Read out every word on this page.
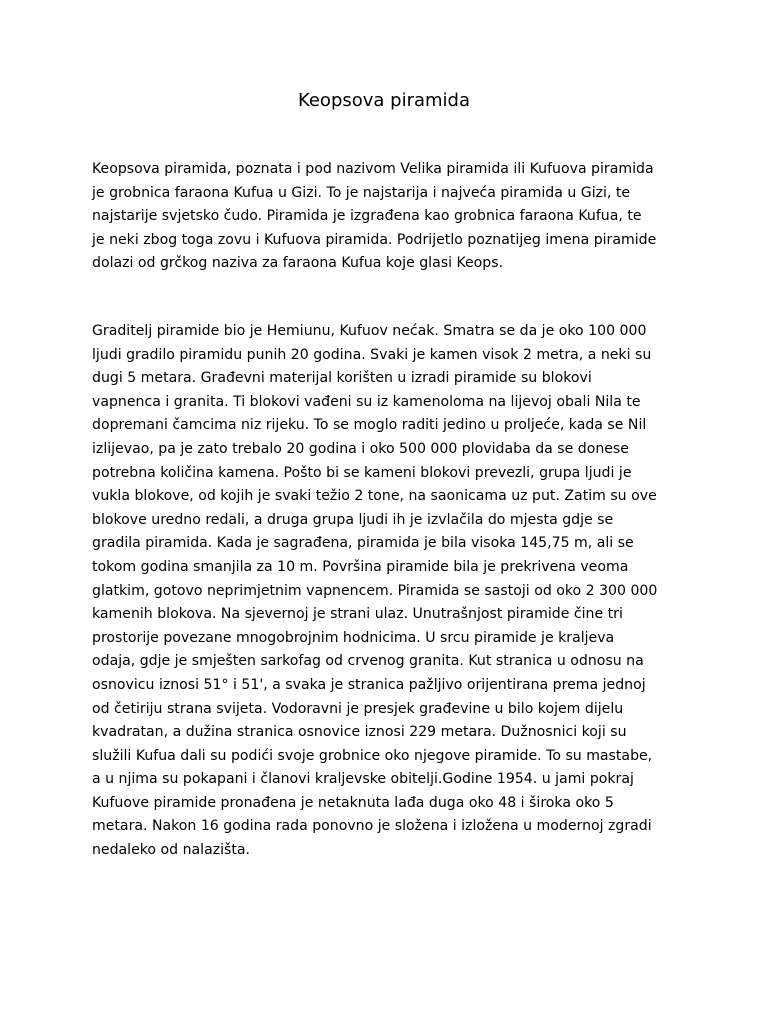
Keopsova piramida

Keopsova piramida, poznata i pod nazivom Velika piramida ili Kufuova piramida
je grobnica faraona Kufua u Gizi. To je najstarija i najveća piramida u Gizi, te
najstarije svjetsko čudo. Piramida je izgrađena kao grobnica faraona Kufua, te
je neki zbog toga zovu i Kufuova piramida. Podrijetlo poznatijeg imena piramide
dolazi od grčkog naziva za faraona Kufua koje glasi Keops.

Graditelj piramide bio je Hemiunu, Kufuov nećak. Smatra se da je oko 100 000
ljudi gradilo piramidu punih 20 godina. Svaki je kamen visok 2 metra, a neki su
dugi 5 metara. Građevni materijal korišten u izradi piramide su blokovi
vapnenca i granita. Ti blokovi vađeni su iz kamenoloma na lijevoj obali Nila te
dopremani čamcima niz rijeku. To se moglo raditi jedino u proljeće, kada se Nil
izlijevao, pa je zato trebalo 20 godina i oko 500 000 plovidaba da se donese
potrebna količina kamena. Pošto bi se kameni blokovi prevezli, grupa ljudi je
vukla blokove, od kojih je svaki težio 2 tone, na saonicama uz put. Zatim su ove
blokove uredno redali, a druga grupa ljudi ih je izvlačila do mjesta gdje se
gradila piramida. Kada je sagrađena, piramida je bila visoka 145,75 m, ali se
tokom godina smanjila za 10 m. Površina piramide bila je prekrivena veoma
glatkim, gotovo neprimjetnim vapnencem. Piramida se sastoji od oko 2 300 000
kamenih blokova. Na sjevernoj je strani ulaz. Unutrašnjost piramide čine tri
prostorije povezane mnogobrojnim hodnicima. U srcu piramide je kraljeva
odaja, gdje je smješten sarkofag od crvenog granita. Kut stranica u odnosu na
osnovicu iznosi 51° i 51', a svaka je stranica pažljivo orijentirana prema jednoj
od četiriju strana svijeta. Vodoravni je presjek građevine u bilo kojem dijelu
kvadratan, a dužina stranica osnovice iznosi 229 metara. Dužnosnici koji su
služili Kufua dali su podići svoje grobnice oko njegove piramide. To su mastabe,
a u njima su pokapani i članovi kraljevske obitelji.Godine 1954. u jami pokraj
Kufuove piramide pronađena je netaknuta lađa duga oko 48 i široka oko 5
metara. Nakon 16 godina rada ponovno je složena i izložena u modernoj zgradi
nedaleko od nalazišta.
